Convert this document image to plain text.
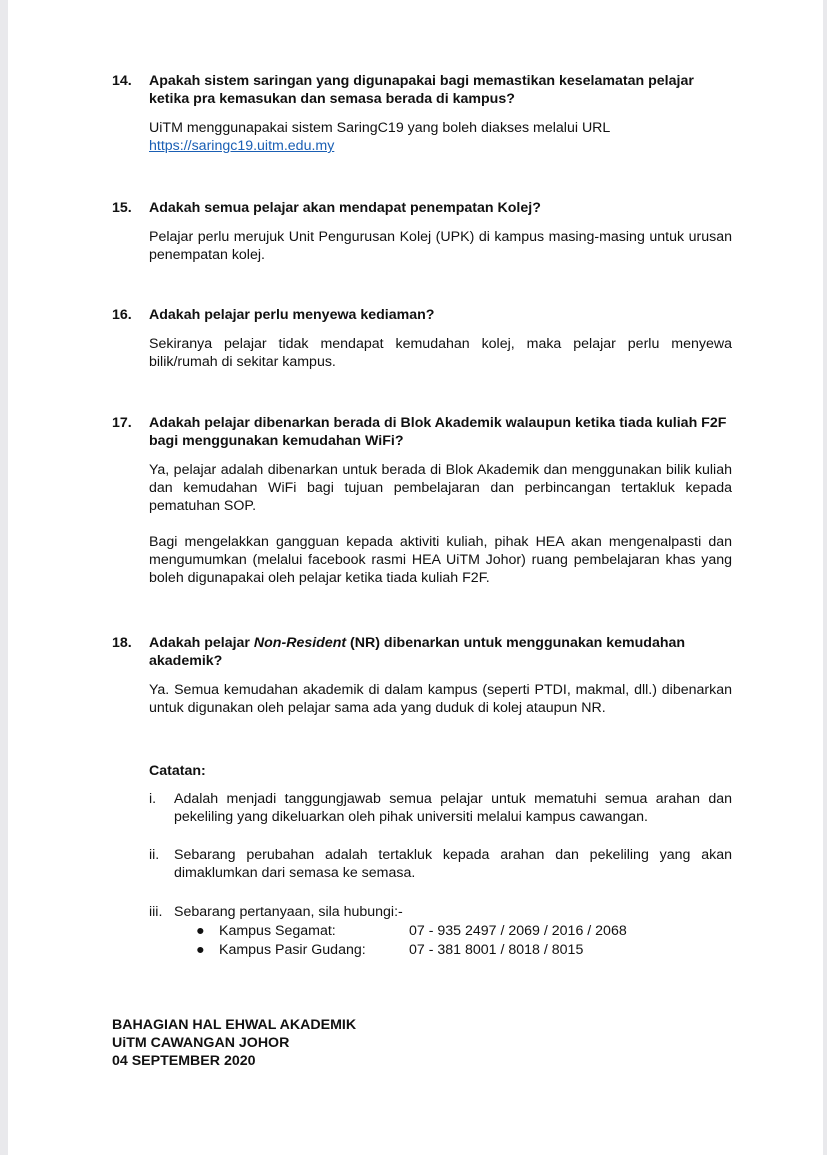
14. Apakah sistem saringan yang digunapakai bagi memastikan keselamatan pelajar ketika pra kemasukan dan semasa berada di kampus?
UiTM menggunapakai sistem SaringC19 yang boleh diakses melalui URL
https://saringc19.uitm.edu.my
15. Adakah semua pelajar akan mendapat penempatan Kolej?
Pelajar perlu merujuk Unit Pengurusan Kolej (UPK) di kampus masing-masing untuk urusan penempatan kolej.
16. Adakah pelajar perlu menyewa kediaman?
Sekiranya pelajar tidak mendapat kemudahan kolej, maka pelajar perlu menyewa bilik/rumah di sekitar kampus.
17. Adakah pelajar dibenarkan berada di Blok Akademik walaupun ketika tiada kuliah F2F bagi menggunakan kemudahan WiFi?
Ya, pelajar adalah dibenarkan untuk berada di Blok Akademik dan menggunakan bilik kuliah dan kemudahan WiFi bagi tujuan pembelajaran dan perbincangan tertakluk kepada pematuhan SOP.
Bagi mengelakkan gangguan kepada aktiviti kuliah, pihak HEA akan mengenalpasti dan mengumumkan (melalui facebook rasmi HEA UiTM Johor) ruang pembelajaran khas yang boleh digunapakai oleh pelajar ketika tiada kuliah F2F.
18. Adakah pelajar Non-Resident (NR) dibenarkan untuk menggunakan kemudahan akademik?
Ya. Semua kemudahan akademik di dalam kampus (seperti PTDI, makmal, dll.) dibenarkan untuk digunakan oleh pelajar sama ada yang duduk di kolej ataupun NR.
Catatan:
i. Adalah menjadi tanggungjawab semua pelajar untuk mematuhi semua arahan dan pekeliling yang dikeluarkan oleh pihak universiti melalui kampus cawangan.
ii. Sebarang perubahan adalah tertakluk kepada arahan dan pekeliling yang akan dimaklumkan dari semasa ke semasa.
iii. Sebarang pertanyaan, sila hubungi:-
● Kampus Segamat:	07 - 935 2497 / 2069 / 2016 / 2068
● Kampus Pasir Gudang:	07 - 381 8001 / 8018 / 8015
BAHAGIAN HAL EHWAL AKADEMIK
UiTM CAWANGAN JOHOR
04 SEPTEMBER 2020
